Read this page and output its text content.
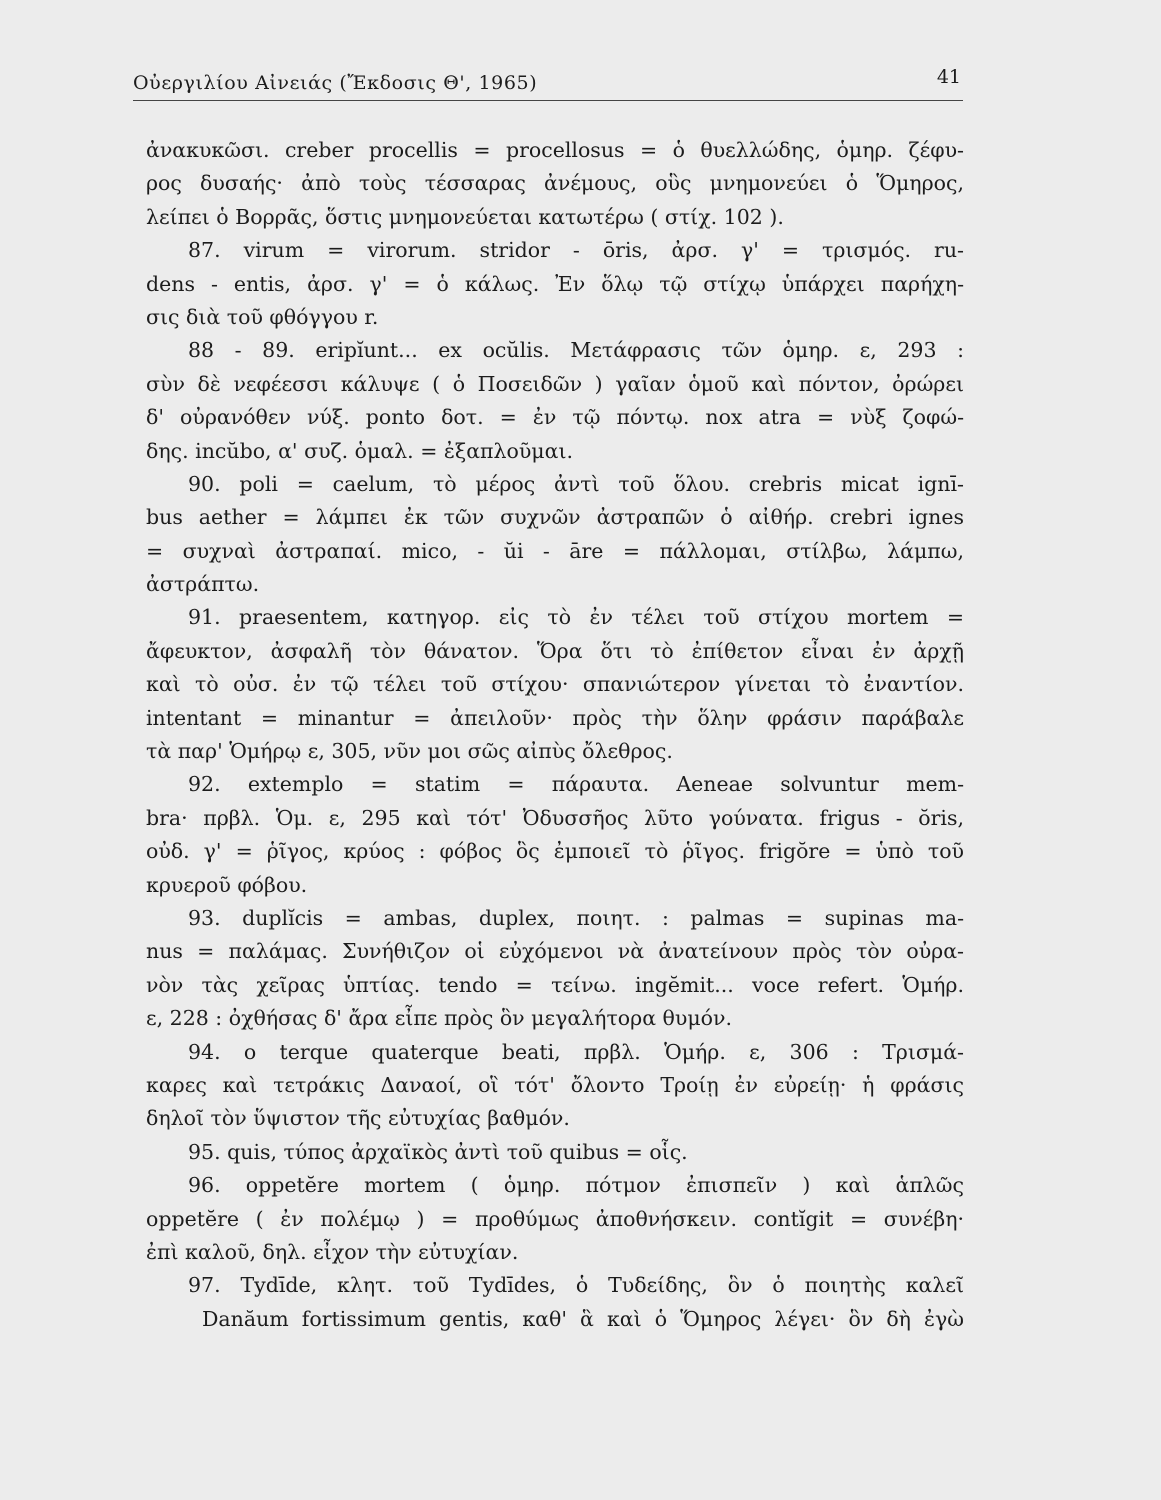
Οὐεργιλίου Αἰνειάς (Ἔκδοσις Θ', 1965)	41
ἀνακυκῶσι. creber procellis = procellosus = ὁ θυελλώδης, ὁμηρ. ζέφυ-
ρος δυσαής· ἀπὸ τοὺς τέσσαρας ἀνέμους, οὓς μνημονεύει ὁ Ὅμηρος,
λείπει ὁ Βορρᾶς, ὅστις μνημονεύεται κατωτέρω ( στίχ. 102 ).
87. virum = virorum. stridor - ōris, ἀρσ. γ' = τρισμός. ru-
dens - entis, ἀρσ. γ' = ὁ κάλως. Ἐν ὅλῳ τῷ στίχῳ ὑπάρχει παρήχη-
σις διὰ τοῦ φθόγγου r.
88 - 89. eripĭunt... ex ocŭlis. Μετάφρασις τῶν ὁμηρ. ε, 293 :
σὺν δὲ νεφέεσσι κάλυψε ( ὁ Ποσειδῶν ) γαῖαν ὁμοῦ καὶ πόντον, ὀρώρει
δ' οὐρανόθεν νύξ. ponto δοτ. = ἐν τῷ πόντῳ. nox atra = νὺξ ζοφώ-
δης. incŭbo, α' συζ. ὁμαλ. = ἐξαπλοῦμαι.
90. poli = caelum, τὸ μέρος ἀντὶ τοῦ ὅλου. crebris micat ignī-
bus aether = λάμπει ἐκ τῶν συχνῶν ἀστραπῶν ὁ αἰθήρ. crebri ignes
= συχναὶ ἀστραπαί. mico, - ŭi - āre = πάλλομαι, στίλβω, λάμπω,
ἀστράπτω.
91. praesentem, κατηγορ. εἰς τὸ ἐν τέλει τοῦ στίχου mortem =
ἄφευκτον, ἀσφαλῆ τὸν θάνατον. Ὅρα ὅτι τὸ ἐπίθετον εἶναι ἐν ἀρχῇ
καὶ τὸ οὐσ. ἐν τῷ τέλει τοῦ στίχου· σπανιώτερον γίνεται τὸ ἐναντίον.
intentant = minantur = ἀπειλοῦν· πρὸς τὴν ὅλην φράσιν παράβαλε
τὰ παρ' Ὁμήρῳ ε, 305, νῦν μοι σῶς αἰπὺς ὄλεθρος.
92. extemplo = statim = πάραυτα. Aeneae solvuntur mem-
bra· πρβλ. Ὁμ. ε, 295 καὶ τότ' Ὀδυσσῆος λῦτο γούνατα. frigus - ŏris,
οὐδ. γ' = ῥῖγος, κρύος : φόβος ὃς ἐμποιεῖ τὸ ῥῖγος. frigŏre = ὑπὸ τοῦ
κρυεροῦ φόβου.
93. duplĭcis = ambas, duplex, ποιητ. : palmas = supinas ma-
nus = παλάμας. Συνήθιζον οἱ εὐχόμενοι νὰ ἀνατείνουν πρὸς τὸν οὐρα-
νὸν τὰς χεῖρας ὑπτίας. tendo = τείνω. ingĕmit... voce refert. Ὁμήρ.
ε, 228 : ὀχθήσας δ' ἄρα εἶπε πρὸς ὃν μεγαλήτορα θυμόν.
94. o terque quaterque beati, πρβλ. Ὁμήρ. ε, 306 : Τρισμά-
καρες καὶ τετράκις Δαναοί, οἳ τότ' ὄλοντο Τροίῃ ἐν εὐρείῃ· ἡ φράσις
δηλοῖ τὸν ὕψιστον τῆς εὐτυχίας βαθμόν.
95. quis, τύπος ἀρχαϊκὸς ἀντὶ τοῦ quibus = οἷς.
96. oppetĕre mortem ( ὁμηρ. πότμον ἐπισπεῖν ) καὶ ἁπλῶς
oppetĕre ( ἐν πολέμῳ ) = προθύμως ἀποθνήσκειν. contĭgit = συνέβη·
ἐπὶ καλοῦ, δηλ. εἶχον τὴν εὐτυχίαν.
97. Tydīde, κλητ. τοῦ Tydīdes, ὁ Τυδείδης, ὃν ὁ ποιητὴς καλεῖ
Danăum fortissimum gentis, καθ' ἃ καὶ ὁ Ὅμηρος λέγει· ὃν δὴ ἐγὼ
